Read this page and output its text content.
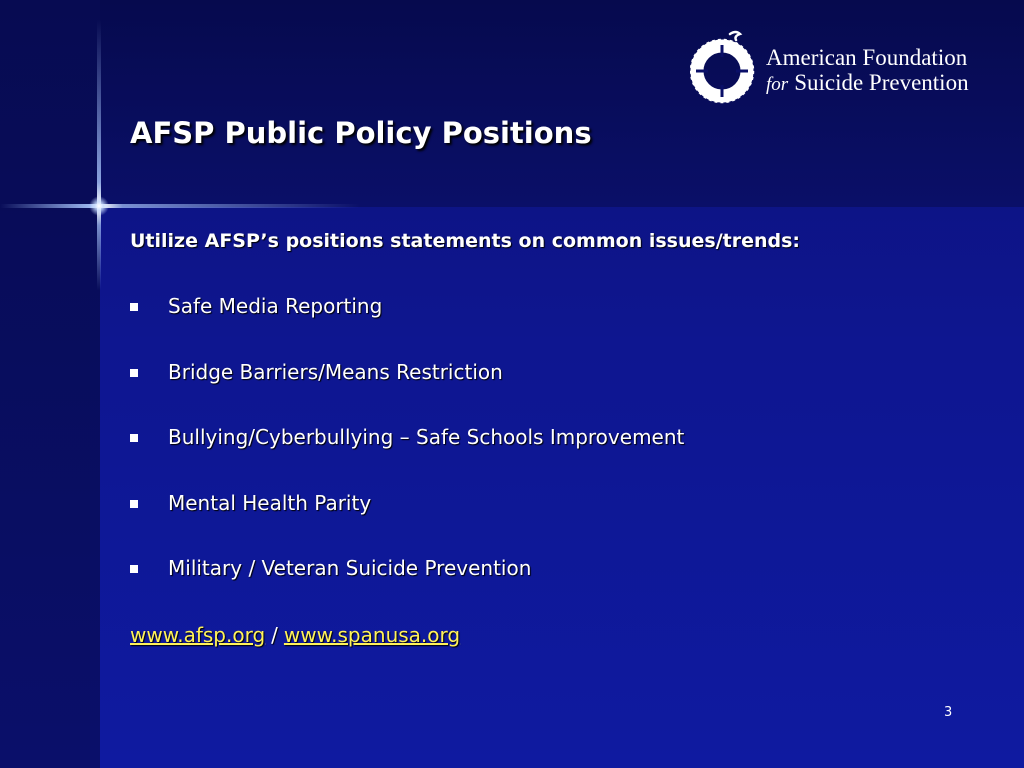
American Foundation
for Suicide Prevention
AFSP Public Policy Positions
Utilize AFSP’s positions statements on common issues/trends:
Safe Media Reporting
Bridge Barriers/Means Restriction
Bullying/Cyberbullying – Safe Schools Improvement
Mental Health Parity
Military / Veteran Suicide Prevention
www.afsp.org / www.spanusa.org
3
